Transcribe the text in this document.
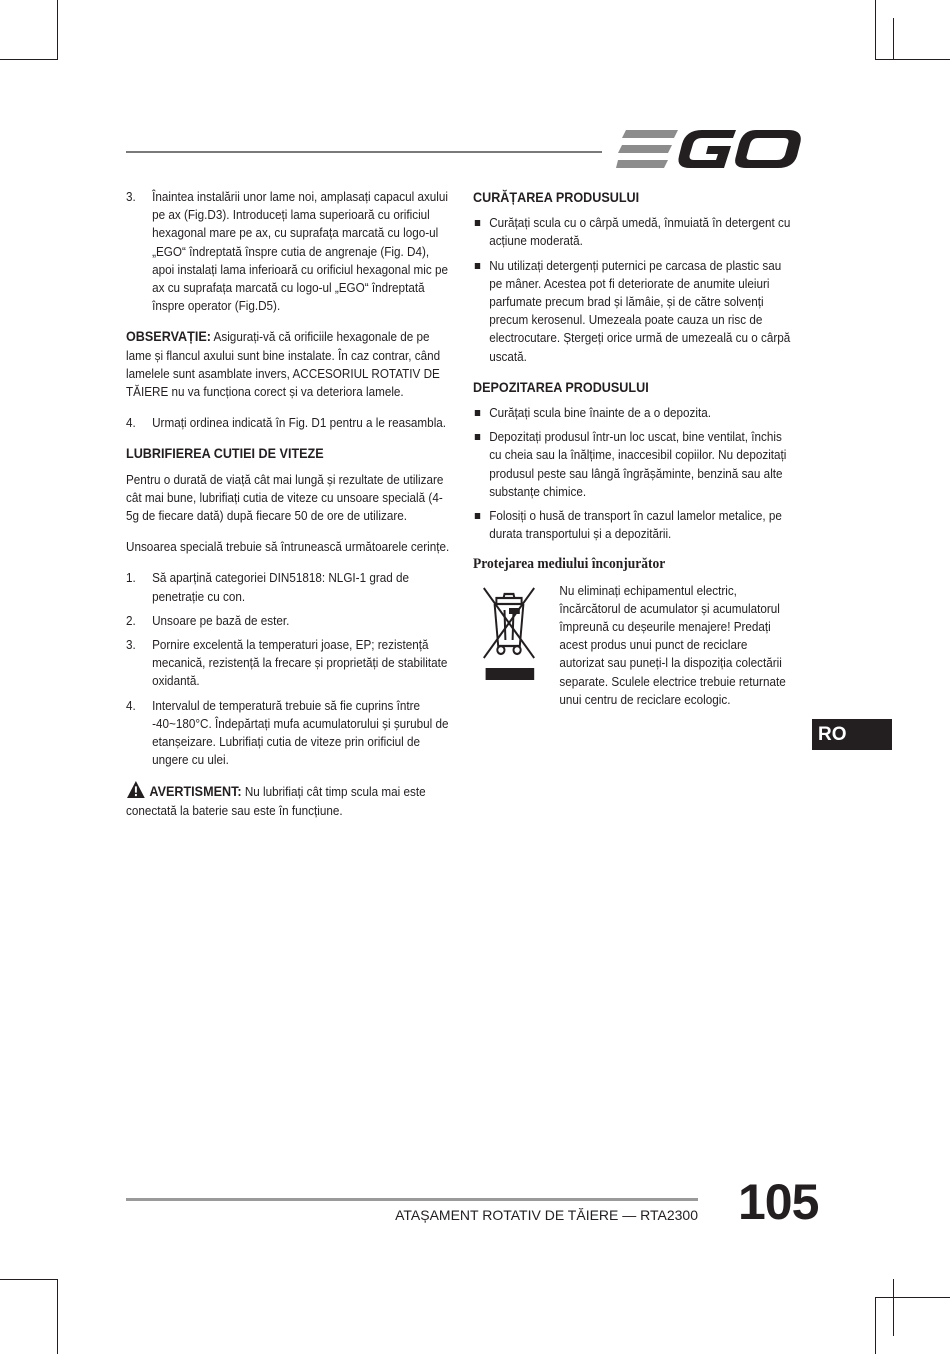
3. Înaintea instalării unor lame noi, amplasați capacul axului pe ax (Fig.D3). Introduceți lama superioară cu orificiul hexagonal mare pe ax, cu suprafața marcată cu logo-ul „EGO“ îndreptată înspre cutia de angrenaje (Fig. D4), apoi instalați lama inferioară cu orificiul hexagonal mic pe ax cu suprafața marcată cu logo-ul „EGO“ îndreptată înspre operator (Fig.D5).

OBSERVAȚIE: Asigurați-vă că orificiile hexagonale de pe lame și flancul axului sunt bine instalate. În caz contrar, când lamelele sunt asamblate invers, ACCESORIUL ROTATIV DE TĂIERE nu va funcționa corect și va deteriora lamele.

4. Urmați ordinea indicată în Fig. D1 pentru a le reasambla.
LUBRIFIEREA CUTIEI DE VITEZE

Pentru o durată de viață cât mai lungă și rezultate de utilizare cât mai bune, lubrifiați cutia de viteze cu unsoare specială (4-5g de fiecare dată) după fiecare 50 de ore de utilizare.

Unsoarea specială trebuie să întrunească următoarele cerințe.

1. Să aparțină categoriei DIN51818: NLGI-1 grad de penetrație cu con.
2. Unsoare pe bază de ester.
3. Pornire excelentă la temperaturi joase, EP; rezistență mecanică, rezistență la frecare și proprietăți de stabilitate oxidantă.
4. Intervalul de temperatură trebuie să fie cuprins între -40~180°C. Îndepărtați mufa acumulatorului și șurubul de etanșeizare. Lubrifiați cutia de viteze prin orificiul de ungere cu ulei.

AVERTISMENT: Nu lubrifiați cât timp scula mai este conectată la baterie sau este în funcțiune.

CURĂȚAREA PRODUSULUI
Curățați scula cu o cârpă umedă, înmuiată în detergent cu acțiune moderată.
Nu utilizați detergenți puternici pe carcasa de plastic sau pe mâner. Acestea pot fi deteriorate de anumite uleiuri parfumate precum brad și lămâie, și de către solvenți precum kerosenul. Umezeala poate cauza un risc de electrocutare. Ștergeți orice urmă de umezeală cu o cârpă uscată.
DEPOZITAREA PRODUSULUI
Curățați scula bine înainte de a o depozita.
Depozitați produsul într-un loc uscat, bine ventilat, închis cu cheia sau la înălțime, inaccesibil copiilor. Nu depozitați produsul peste sau lângă îngrășăminte, benzină sau alte substanțe chimice.
Folosiți o husă de transport în cazul lamelor metalice, pe durata transportului și a depozitării.
Protejarea mediului înconjurător
Nu eliminați echipamentul electric, încărcătorul de acumulator și acumulatorul împreună cu deșeurile menajere! Predați acest produs unui punct de reciclare autorizat sau puneți-l la dispoziția colectării separate. Sculele electrice trebuie returnate unui centru de reciclare ecologic.
RO
ATAȘAMENT ROTATIV DE TĂIERE — RTA2300 105
